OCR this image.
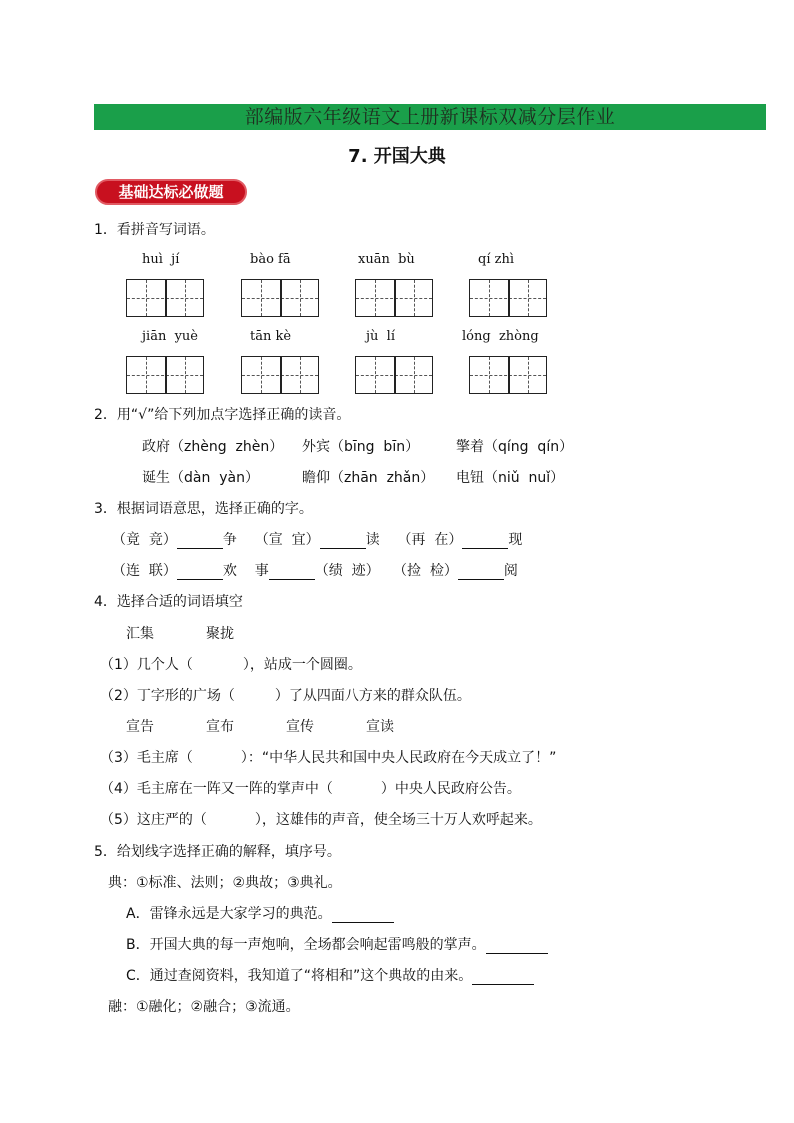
部编版六年级语文上册新课标双减分层作业
7. 开国大典
基础达标必做题
1．看拼音写词语。
huì  jí	bào fā	xuān  bù	qí zhì
jiān  yuè	tān kè	jù  lí	lóng  zhòng
2．用“√”给下列加点字选择正确的读音。
政府（zhèng  zhèn） 外宾（bīng  bīn）	擎着（qíng  qín）
诞生（dàn  yàn）	瞻仰（zhān  zhǎn） 电钮（niǔ  nuǐ）
3．根据词语意思，选择正确的字。
（竟  竞）	争 （宣  宜）	读 （再  在）	现
（连  联）	欢 事	（绩  迹） （捡  检）	阅
4．选择合适的词语填空
汇集	聚拢
（1）几个人（	），站成一个圆圈。
（2）丁字形的广场（	）了从四面八方来的群众队伍。
宣告	宣布	宣传	宣读
（3）毛主席（	）：“中华人民共和国中央人民政府在今天成立了！”
（4）毛主席在一阵又一阵的掌声中（	）中央人民政府公告。
（5）这庄严的（	），这雄伟的声音，使全场三十万人欢呼起来。
5．给划线字选择正确的解释，填序号。
典：①标准、法则；②典故；③典礼。
A．雷锋永远是大家学习的典范。
B．开国大典的每一声炮响，全场都会响起雷鸣般的掌声。
C．通过查阅资料，我知道了“将相和”这个典故的由来。
融：①融化；②融合；③流通。
